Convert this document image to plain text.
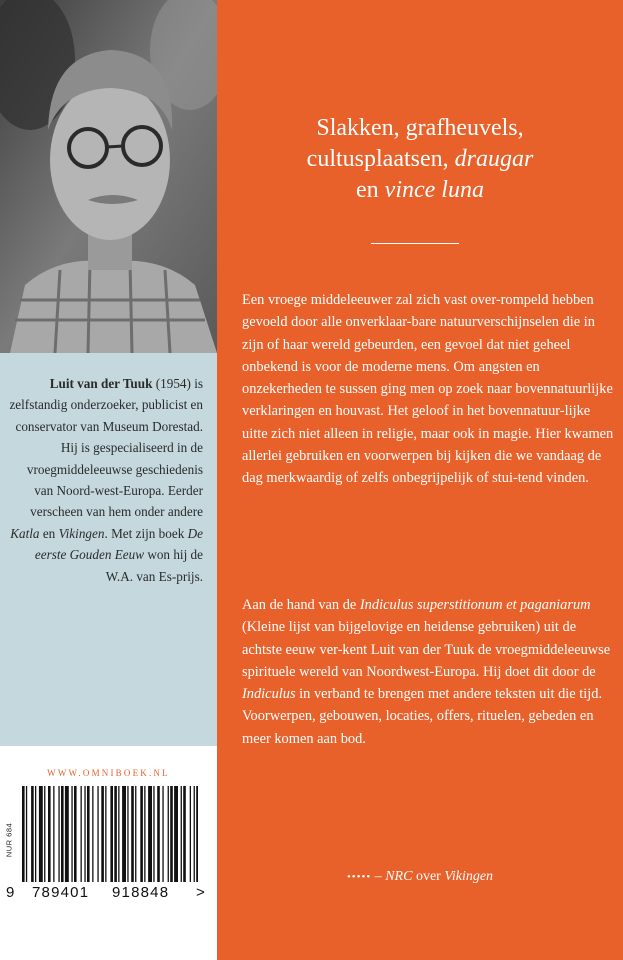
Luit van der Tuuk (1954) is zelfstandig onderzoeker, publicist en conservator van Museum Dorestad. Hij is gespecialiseerd in de vroegmiddeleeuwse geschiedenis van Noord-west-Europa. Eerder verscheen van hem onder andere Katla en Vikingen. Met zijn boek De eerste Gouden Eeuw won hij de W.A. van Es-prijs.
WWW.OMNIBOEK.NL
NUR 684
9 789401 918848 >
Slakken, grafheuvels,
cultusplaatsen, draugar
en vince luna
Een vroege middeleeuwer zal zich vast over-rompeld hebben gevoeld door alle onverklaar-bare natuurverschijnselen die in zijn of haar wereld gebeurden, een gevoel dat niet geheel onbekend is voor de moderne mens. Om angsten en onzekerheden te sussen ging men op zoek naar bovennatuurlijke verklaringen en houvast. Het geloof in het bovennatuur-lijke uitte zich niet alleen in religie, maar ook in magie. Hier kwamen allerlei gebruiken en voorwerpen bij kijken die we vandaag de dag merkwaardig of zelfs onbegrijpelijk of stui-tend vinden.
Aan de hand van de Indiculus superstitionum et paganiarum (Kleine lijst van bijgelovige en heidense gebruiken) uit de achtste eeuw ver-kent Luit van der Tuuk de vroegmiddeleeuwse spirituele wereld van Noordwest-Europa. Hij doet dit door de Indiculus in verband te brengen met andere teksten uit die tijd. Voorwerpen, gebouwen, locaties, offers, rituelen, gebeden en meer komen aan bod.
••••• – NRC over Vikingen
